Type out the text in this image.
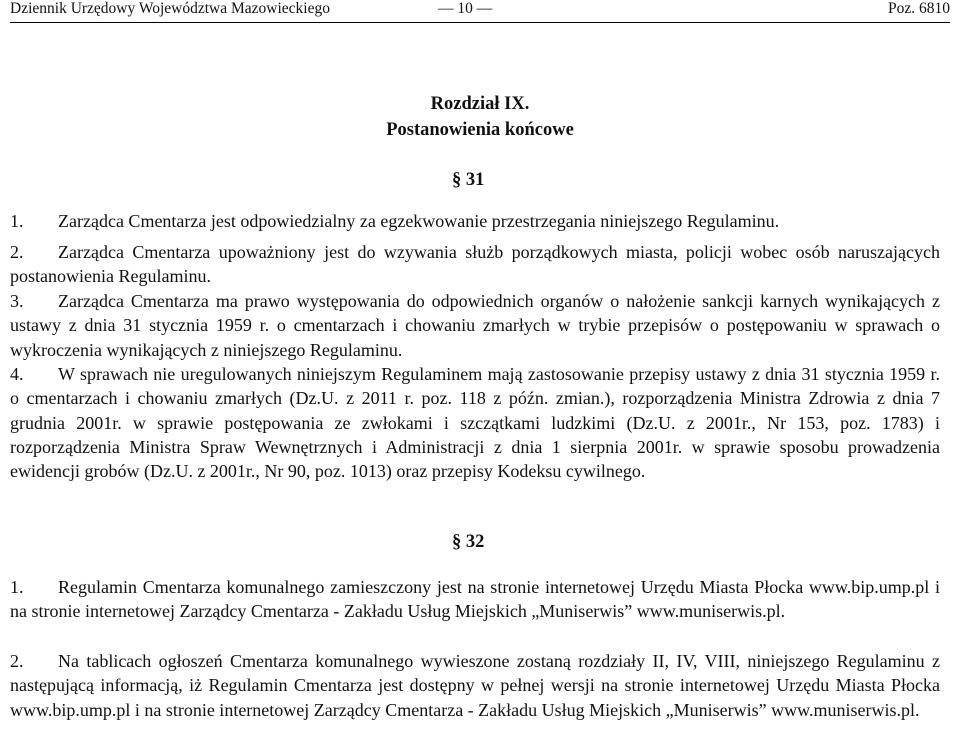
Dziennik Urzędowy Województwa Mazowieckiego	— 10 —	Poz. 6810
Rozdział IX.
Postanowienia końcowe
§ 31
1. Zarządca Cmentarza jest odpowiedzialny za egzekwowanie przestrzegania niniejszego Regulaminu.
2. Zarządca Cmentarza upoważniony jest do wzywania służb porządkowych miasta, policji wobec osób naruszających postanowienia Regulaminu.
3. Zarządca Cmentarza ma prawo występowania do odpowiednich organów o nałożenie sankcji karnych wynikających z ustawy z dnia 31 stycznia 1959 r. o cmentarzach i chowaniu zmarłych w trybie przepisów o postępowaniu w sprawach o wykroczenia wynikających z niniejszego Regulaminu.
4. W sprawach nie uregulowanych niniejszym Regulaminem mają zastosowanie przepisy ustawy z dnia 31 stycznia 1959 r. o cmentarzach i chowaniu zmarłych (Dz.U. z 2011 r. poz. 118 z późn. zmian.), rozporządzenia Ministra Zdrowia z dnia 7 grudnia 2001r. w sprawie postępowania ze zwłokami i szczątkami ludzkimi (Dz.U. z 2001r., Nr 153, poz. 1783) i rozporządzenia Ministra Spraw Wewnętrznych i Administracji z dnia 1 sierpnia 2001r. w sprawie sposobu prowadzenia ewidencji grobów (Dz.U. z 2001r., Nr 90, poz. 1013) oraz przepisy Kodeksu cywilnego.
§ 32
1. Regulamin Cmentarza komunalnego zamieszczony jest na stronie internetowej Urzędu Miasta Płocka www.bip.ump.pl i na stronie internetowej Zarządcy Cmentarza - Zakładu Usług Miejskich „Muniserwis” www.muniserwis.pl.
2. Na tablicach ogłoszeń Cmentarza komunalnego wywieszone zostaną rozdziały II, IV, VIII, niniejszego Regulaminu z następującą informacją, iż Regulamin Cmentarza jest dostępny w pełnej wersji na stronie internetowej Urzędu Miasta Płocka www.bip.ump.pl i na stronie internetowej Zarządcy Cmentarza - Zakładu Usług Miejskich „Muniserwis” www.muniserwis.pl.
